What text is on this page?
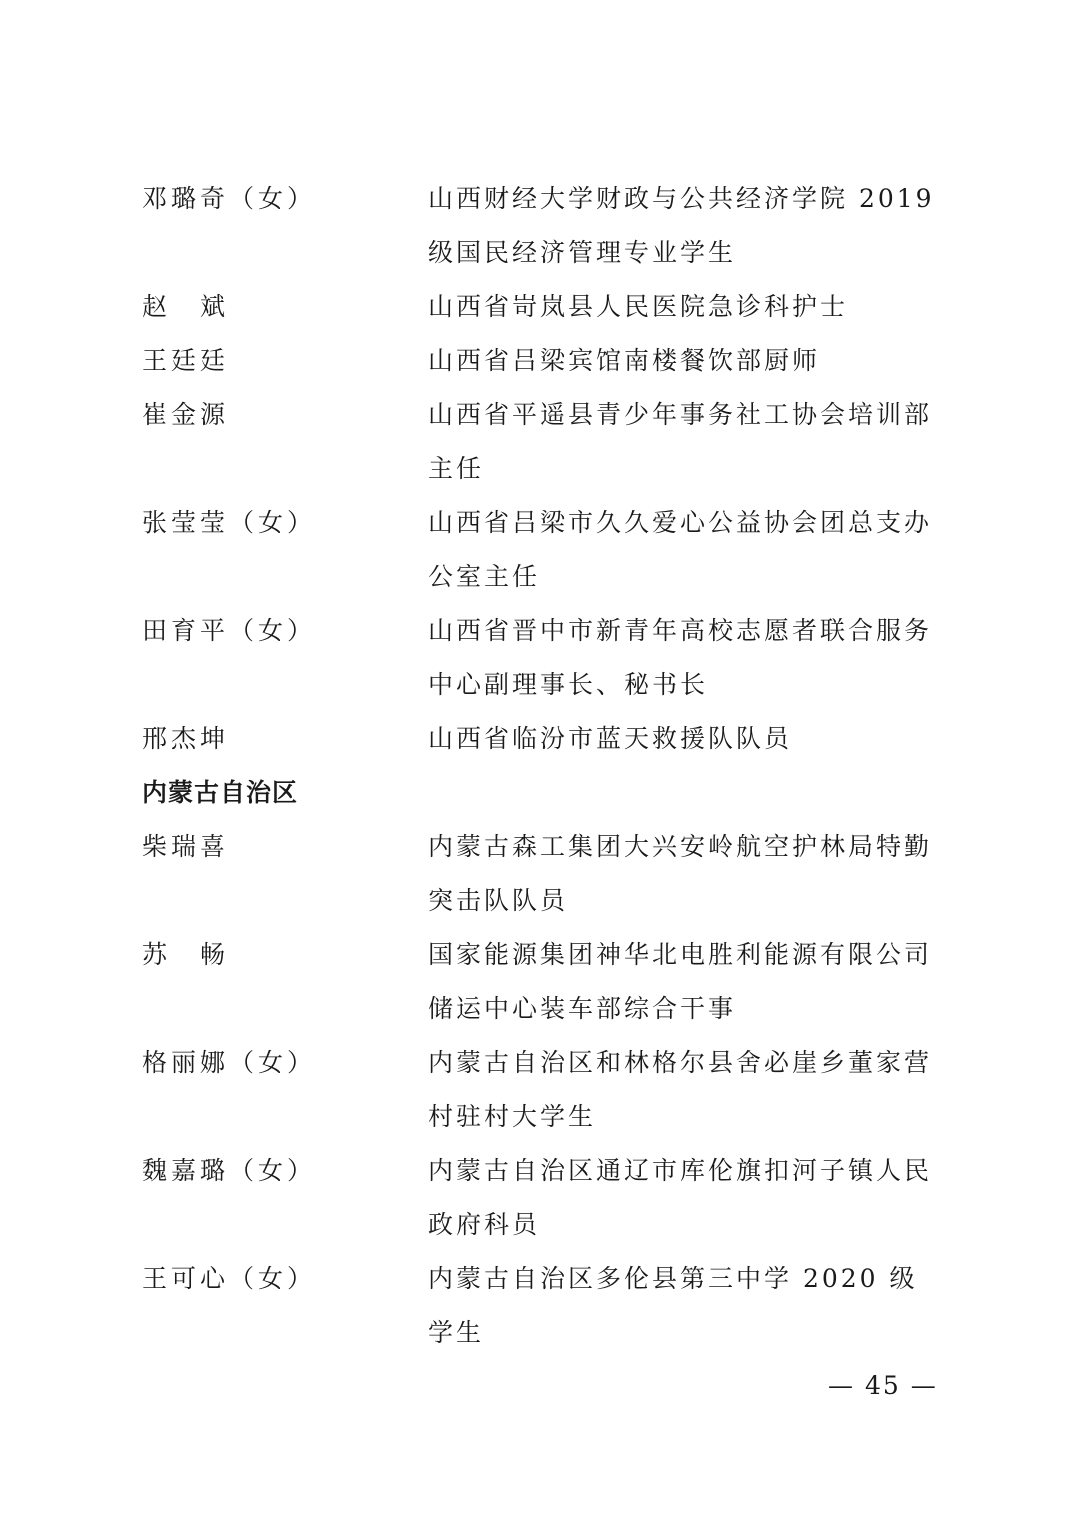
邓璐奇（女）	山西财经大学财政与公共经济学院 2019
级国民经济管理专业学生
赵　斌	山西省岢岚县人民医院急诊科护士
王廷廷	山西省吕梁宾馆南楼餐饮部厨师
崔金源	山西省平遥县青少年事务社工协会培训部
主任
张莹莹（女）	山西省吕梁市久久爱心公益协会团总支办
公室主任
田育平（女）	山西省晋中市新青年高校志愿者联合服务
中心副理事长、秘书长
邢杰坤	山西省临汾市蓝天救援队队员
内蒙古自治区
柴瑞喜	内蒙古森工集团大兴安岭航空护林局特勤
突击队队员
苏　畅	国家能源集团神华北电胜利能源有限公司
储运中心装车部综合干事
格丽娜（女）	内蒙古自治区和林格尔县舍必崖乡董家营
村驻村大学生
魏嘉璐（女）	内蒙古自治区通辽市库伦旗扣河子镇人民
政府科员
王可心（女）	内蒙古自治区多伦县第三中学 2020 级
学生
— 45 —
